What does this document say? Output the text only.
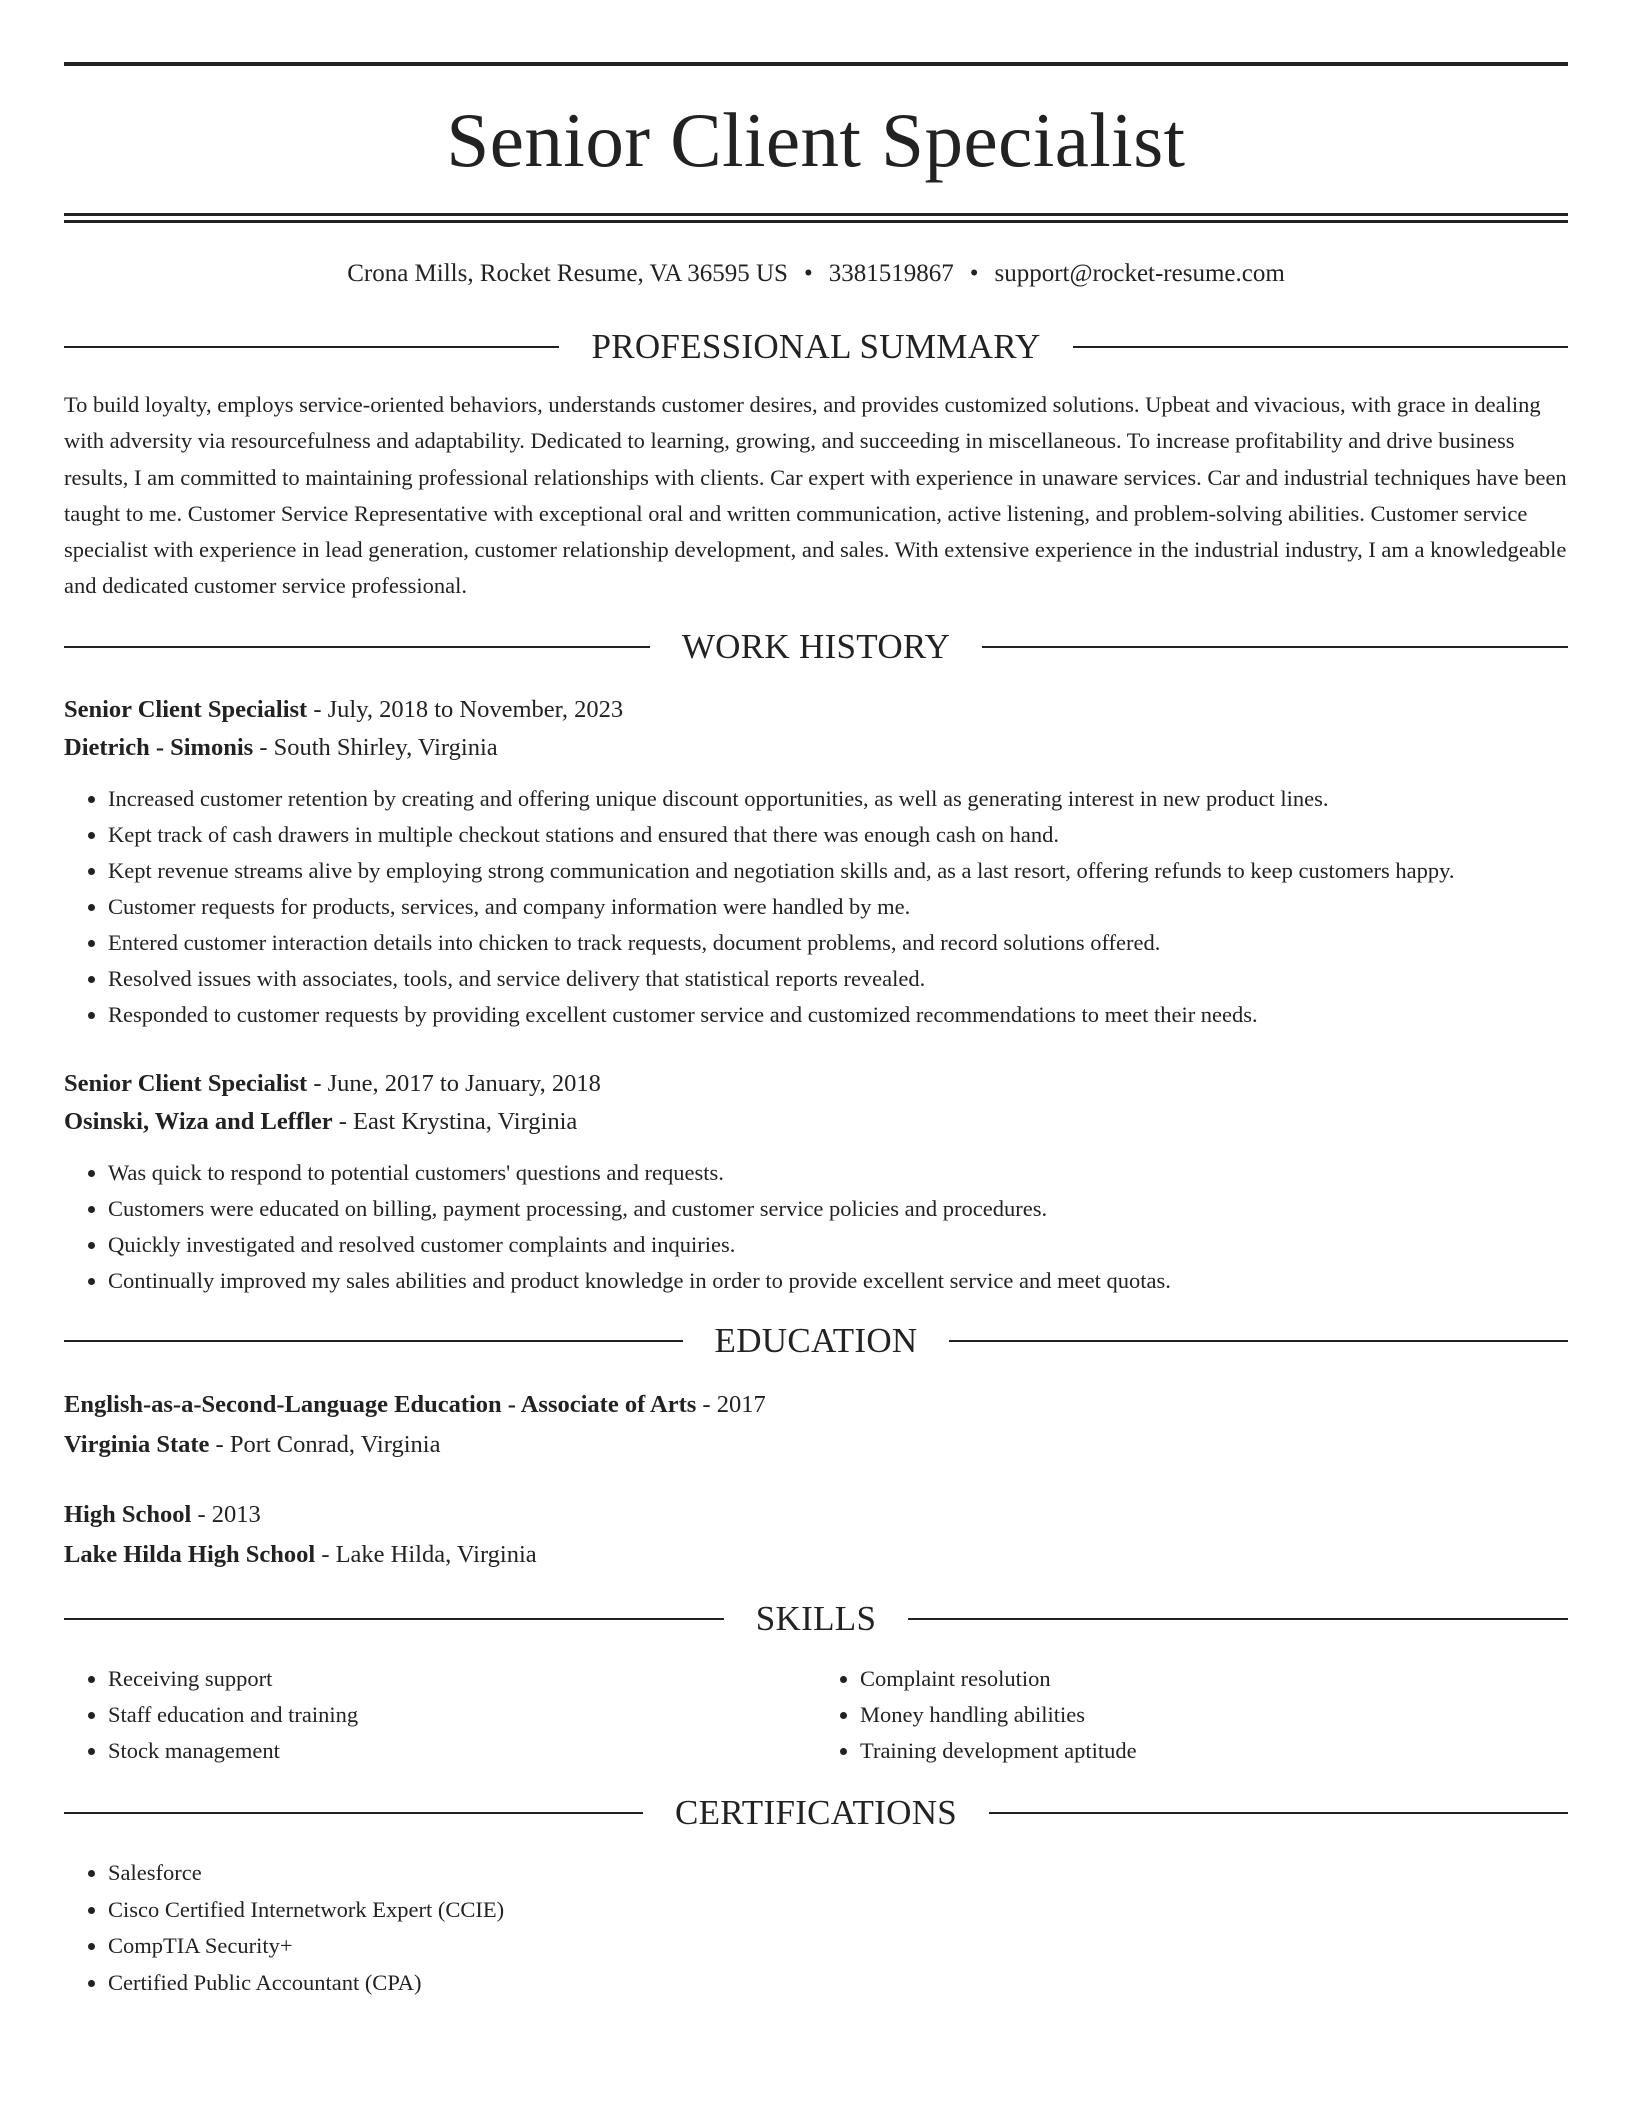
Senior Client Specialist
Crona Mills, Rocket Resume, VA 36595 US • 3381519867 • support@rocket-resume.com
PROFESSIONAL SUMMARY

To build loyalty, employs service-oriented behaviors, understands customer desires, and provides customized solutions. Upbeat and vivacious, with grace in dealing with adversity via resourcefulness and adaptability. Dedicated to learning, growing, and succeeding in miscellaneous. To increase profitability and drive business results, I am committed to maintaining professional relationships with clients. Car expert with experience in unaware services. Car and industrial techniques have been taught to me. Customer Service Representative with exceptional oral and written communication, active listening, and problem-solving abilities. Customer service specialist with experience in lead generation, customer relationship development, and sales. With extensive experience in the industrial industry, I am a knowledgeable and dedicated customer service professional.

WORK HISTORY
Senior Client Specialist - July, 2018 to November, 2023
Dietrich - Simonis - South Shirley, Virginia
• Increased customer retention by creating and offering unique discount opportunities, as well as generating interest in new product lines.
• Kept track of cash drawers in multiple checkout stations and ensured that there was enough cash on hand.
• Kept revenue streams alive by employing strong communication and negotiation skills and, as a last resort, offering refunds to keep customers happy.
• Customer requests for products, services, and company information were handled by me.
• Entered customer interaction details into chicken to track requests, document problems, and record solutions offered.
• Resolved issues with associates, tools, and service delivery that statistical reports revealed.
• Responded to customer requests by providing excellent customer service and customized recommendations to meet their needs.
Senior Client Specialist - June, 2017 to January, 2018
Osinski, Wiza and Leffler - East Krystina, Virginia
• Was quick to respond to potential customers' questions and requests.
• Customers were educated on billing, payment processing, and customer service policies and procedures.
• Quickly investigated and resolved customer complaints and inquiries.
• Continually improved my sales abilities and product knowledge in order to provide excellent service and meet quotas.
EDUCATION
English-as-a-Second-Language Education - Associate of Arts - 2017
Virginia State - Port Conrad, Virginia
High School - 2013
Lake Hilda High School - Lake Hilda, Virginia
SKILLS
• Receiving support
• Staff education and training
• Stock management
• Complaint resolution
• Money handling abilities
• Training development aptitude
CERTIFICATIONS
• Salesforce
• Cisco Certified Internetwork Expert (CCIE)
• CompTIA Security+
• Certified Public Accountant (CPA)
